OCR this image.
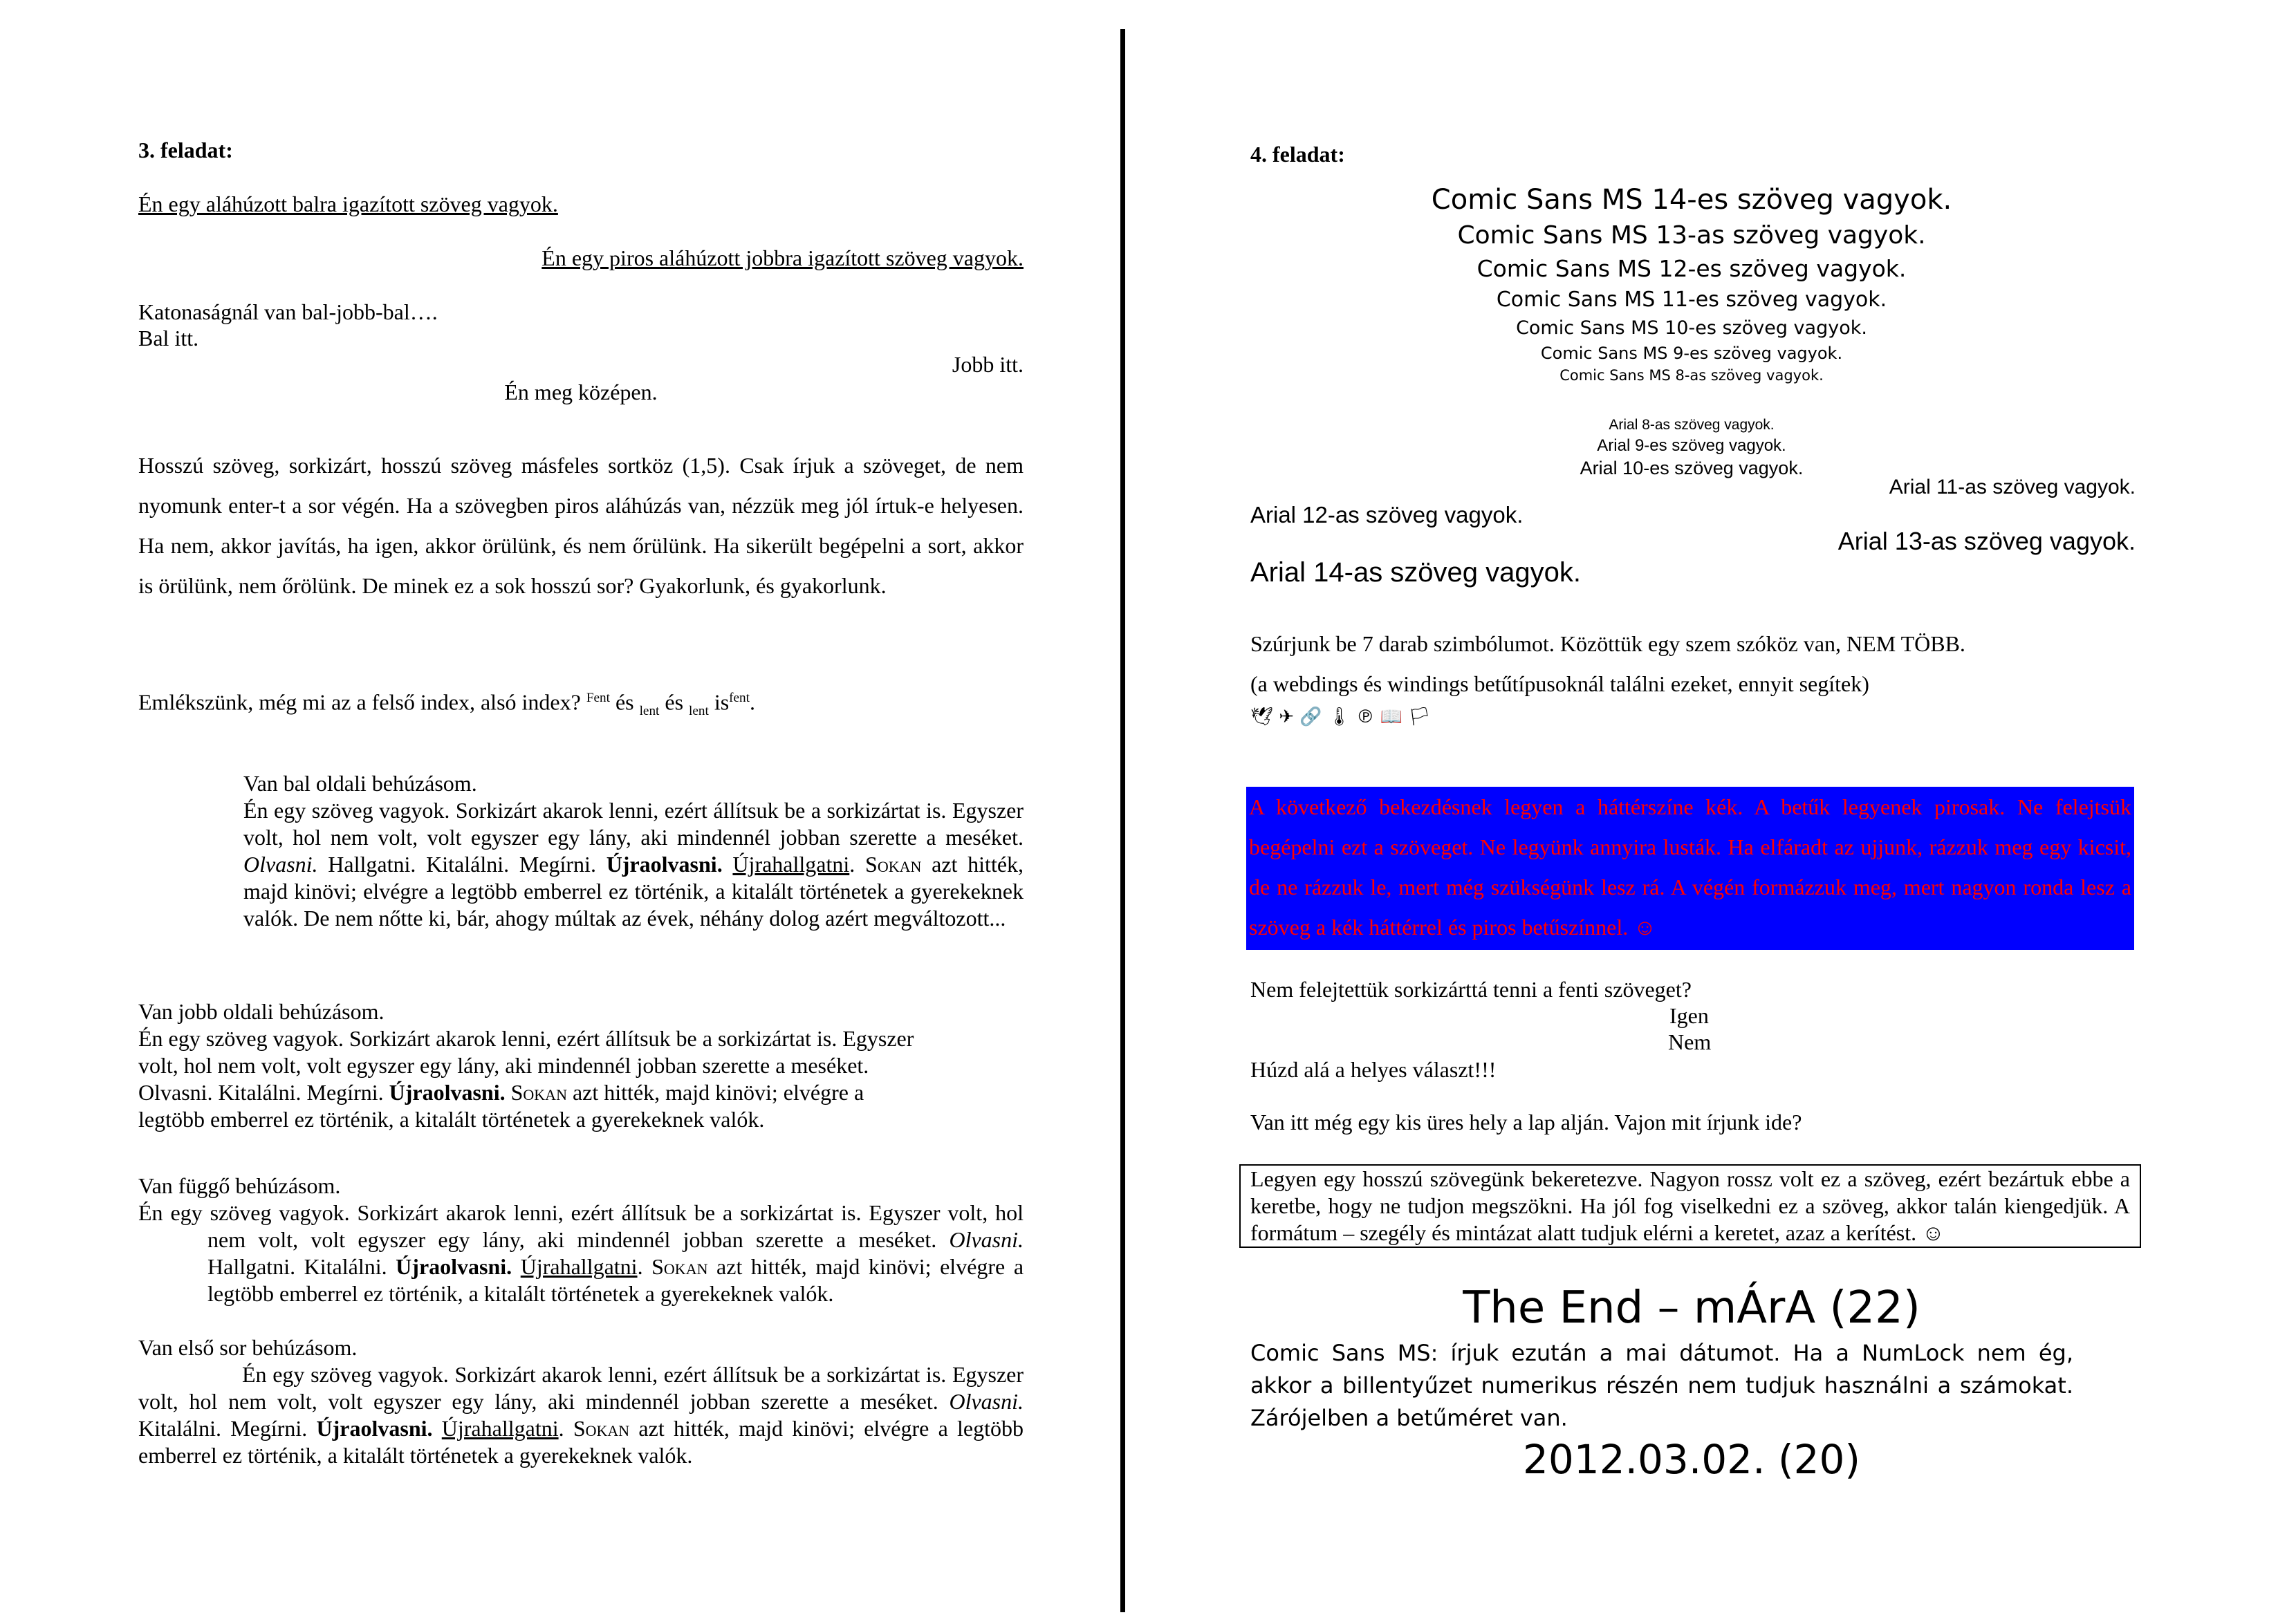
3. feladat:

Én egy aláhúzott balra igazított szöveg vagyok.

Én egy piros aláhúzott jobbra igazított szöveg vagyok.

Katonaságnál van bal-jobb-bal….

Bal itt.

Jobb itt.

Én meg középen.

Hosszú szöveg, sorkizárt, hosszú szöveg másfeles sortköz (1,5). Csak írjuk a szöveget, de nem nyomunk enter-t a sor végén. Ha a szövegben piros aláhúzás van, nézzük meg jól írtuk-e helyesen. Ha nem, akkor javítás, ha igen, akkor örülünk, és nem őrülünk. Ha sikerült begépelni a sort, akkor is örülünk, nem őrölünk. De minek ez a sok hosszú sor? Gyakorlunk, és gyakorlunk.

Emlékszünk, még mi az a felső index, alsó index? $^{Fent}$ és $_{lent}$ és $_{lent}$ $is^{fent}$.

Van bal oldali behúzásom.

Én egy szöveg vagyok. Sorkizárt akarok lenni, ezért állítsuk be a sorkizártat is. Egyszer volt, hol nem volt, volt egyszer egy lány, aki mindennél jobban szerette a meséket. Olvasni. Hallgatni. Kitalálni. Megírni. Újraolvasni. Újrahallgatni. Sokan azt hitték, majd kinövi; elvégre a legtöbb emberrel ez történik, a kitalált történetek a gyerekeknek valók. De nem nőtte ki, bár, ahogy múltak az évek, néhány dolog azért megváltozott...

Van jobb oldali behúzásom.

Én egy szöveg vagyok. Sorkizárt akarok lenni, ezért állítsuk be a sorkizártat is. Egyszer volt, hol nem volt, volt egyszer egy lány, aki mindennél jobban szerette a meséket. Olvasni. Kitalálni. Megírni. Újraolvasni. Sokan azt hitték, majd kinövi; elvégre a legtöbb emberrel ez történik, a kitalált történetek a gyerekeknek valók.

Van függő behúzásom.

Én egy szöveg vagyok. Sorkizárt akarok lenni, ezért állítsuk be a sorkizártat is. Egyszer volt, hol nem volt, volt egyszer egy lány, aki mindennél jobban szerette a meséket. Olvasni. Hallgatni. Kitalálni. Újraolvasni. Újrahallgatni. Sokan azt hitték, majd kinövi; elvégre a legtöbb emberrel ez történik, a kitalált történetek a gyerekeknek valók.

Van első sor behúzásom.

Én egy szöveg vagyok. Sorkizárt akarok lenni, ezért állítsuk be a sorkizártat is. Egyszer volt, hol nem volt, volt egyszer egy lány, aki mindennél jobban szerette a meséket. Olvasni. Kitalálni. Megírni. Újraolvasni. Újrahallgatni. Sokan azt hitték, majd kinövi; elvégre a legtöbb emberrel ez történik, a kitalált történetek a gyerekeknek valók.

4. feladat:

Comic Sans MS 14-es szöveg vagyok.
Comic Sans MS 13-as szöveg vagyok.
Comic Sans MS 12-es szöveg vagyok.
Comic Sans MS 11-es szöveg vagyok.
Comic Sans MS 10-es szöveg vagyok.
Comic Sans MS 9-es szöveg vagyok.
Comic Sans MS 8-as szöveg vagyok.
Arial 8-as szöveg vagyok.
Arial 9-es szöveg vagyok.
Arial 10-es szöveg vagyok.

Arial 11-as szöveg vagyok.

Arial 12-as szöveg vagyok.

Arial 13-as szöveg vagyok.

Arial 14-as szöveg vagyok.

Szúrjunk be 7 darab szimbólumot. Közöttük egy szem szóköz van, NEM TÖBB.

(a webdings és windings betűtípusoknál találni ezeket, ennyit segítek)

🕊 ✈ 🔗 🌡 ℗ 📖 🏳

A következő bekezdésnek legyen a háttérszíne kék. A betűk legyenek pirosak. Ne felejtsük begépelni ezt a szöveget. Ne legyünk annyira lusták. Ha elfáradt az ujjunk, rázzuk meg egy kicsit, de ne rázzuk le, mert még szükségünk lesz rá. A végén formázzuk meg, mert nagyon ronda lesz a szöveg a kék háttérrel és piros betűszínnel. ☺

Nem felejtettük sorkizárttá tenni a fenti szöveget?

Igen

Nem

Húzd alá a helyes választ!!!

Van itt még egy kis üres hely a lap alján. Vajon mit írjunk ide?

Legyen egy hosszú szövegünk bekeretezve. Nagyon rossz volt ez a szöveg, ezért bezártuk ebbe a keretbe, hogy ne tudjon megszökni. Ha jól fog viselkedni ez a szöveg, akkor talán kiengedjük. A formátum – szegély és mintázat alatt tudjuk elérni a keretet, azaz a kerítést. ☺

The End – mÁrA (22)

Comic Sans MS: írjuk ezután a mai dátumot. Ha a NumLock nem ég, akkor a billentyűzet numerikus részén nem tudjuk használni a számokat. Zárójelben a betűméret van.

2012.03.02. (20)
